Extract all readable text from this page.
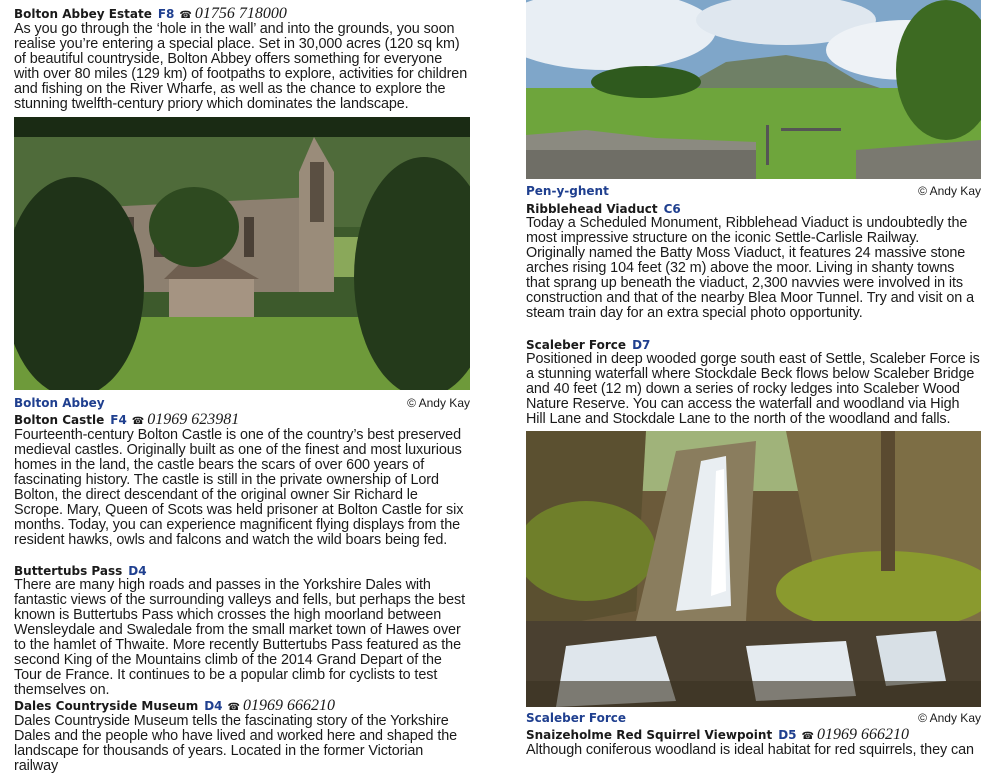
Bolton Abbey Estate F8 ☎ 01756 718000

As you go through the ‘hole in the wall’ and into the grounds, you soon realise you’re entering a special place. Set in 30,000 acres (120 sq km) of beautiful countryside, Bolton Abbey offers something for everyone with over 80 miles (129 km) of footpaths to explore, activities for children and fishing on the River Wharfe, as well as the chance to explore the stunning twelfth-century priory which dominates the landscape.

Bolton Abbey	© Andy Kay
Bolton Castle F4 ☎ 01969 623981

Fourteenth-century Bolton Castle is one of the country’s best preserved medieval castles. Originally built as one of the finest and most luxurious homes in the land, the castle bears the scars of over 600 years of fascinating history. The castle is still in the private ownership of Lord Bolton, the direct descendant of the original owner Sir Richard le Scrope. Mary, Queen of Scots was held prisoner at Bolton Castle for six months. Today, you can experience magnificent flying displays from the resident hawks, owls and falcons and watch the wild boars being fed.

Buttertubs Pass D4

There are many high roads and passes in the Yorkshire Dales with fantastic views of the surrounding valleys and fells, but perhaps the best known is Buttertubs Pass which crosses the high moorland between Wensleydale and Swaledale from the small market town of Hawes over to the hamlet of Thwaite. More recently Buttertubs Pass featured as the second King of the Mountains climb of the 2014 Grand Depart of the Tour de France. It continues to be a popular climb for cyclists to test themselves on.

Dales Countryside Museum D4 ☎ 01969 666210

Dales Countryside Museum tells the fascinating story of the Yorkshire Dales and the people who have lived and worked here and shaped the landscape for thousands of years. Located in the former Victorian railway

Pen-y-ghent	© Andy Kay
Ribblehead Viaduct C6

Today a Scheduled Monument, Ribblehead Viaduct is undoubtedly the most impressive structure on the iconic Settle-Carlisle Railway. Originally named the Batty Moss Viaduct, it features 24 massive stone arches rising 104 feet (32 m) above the moor. Living in shanty towns that sprang up beneath the viaduct, 2,300 navvies were involved in its construction and that of the nearby Blea Moor Tunnel. Try and visit on a steam train day for an extra special photo opportunity.

Scaleber Force D7

Positioned in deep wooded gorge south east of Settle, Scaleber Force is a stunning waterfall where Stockdale Beck flows below Scaleber Bridge and 40 feet (12 m) down a series of rocky ledges into Scaleber Wood Nature Reserve. You can access the waterfall and woodland via High Hill Lane and Stockdale Lane to the north of the woodland and falls.

Scaleber Force	© Andy Kay
Snaizeholme Red Squirrel Viewpoint D5 ☎ 01969 666210

Although coniferous woodland is ideal habitat for red squirrels, they can
